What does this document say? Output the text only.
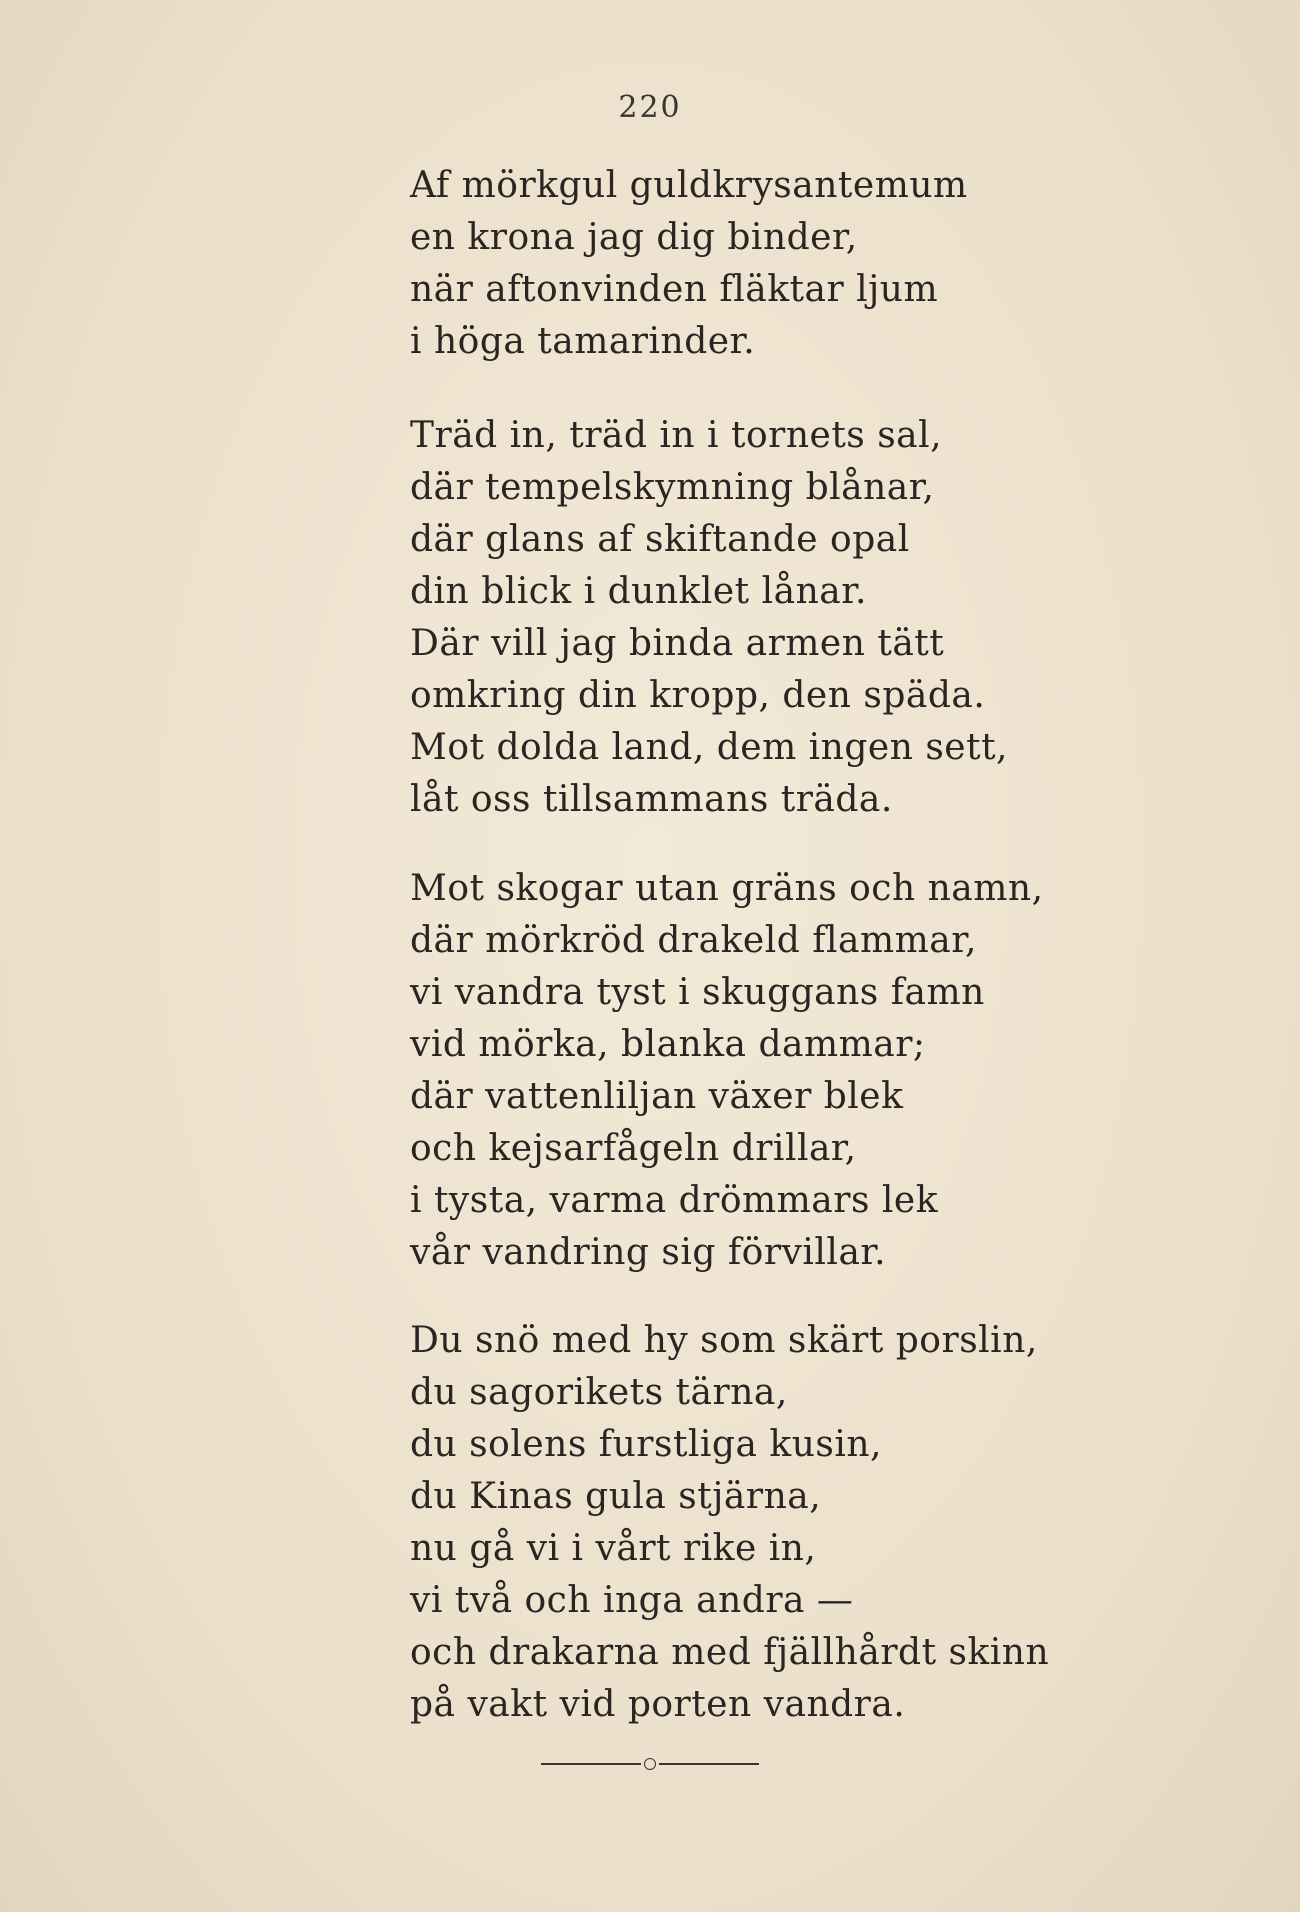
220
Af mörkgul guldkrysantemum
en krona jag dig binder,
när aftonvinden fläktar ljum
i höga tamarinder.
Träd in, träd in i tornets sal,
där tempelskymning blånar,
där glans af skiftande opal
din blick i dunklet lånar.
Där vill jag binda armen tätt
omkring din kropp, den späda.
Mot dolda land, dem ingen sett,
låt oss tillsammans träda.
Mot skogar utan gräns och namn,
där mörkröd drakeld flammar,
vi vandra tyst i skuggans famn
vid mörka, blanka dammar;
där vattenliljan växer blek
och kejsarfågeln drillar,
i tysta, varma drömmars lek
vår vandring sig förvillar.
Du snö med hy som skärt porslin,
du sagorikets tärna,
du solens furstliga kusin,
du Kinas gula stjärna,
nu gå vi i vårt rike in,
vi två och inga andra —
och drakarna med fjällhårdt skinn
på vakt vid porten vandra.
